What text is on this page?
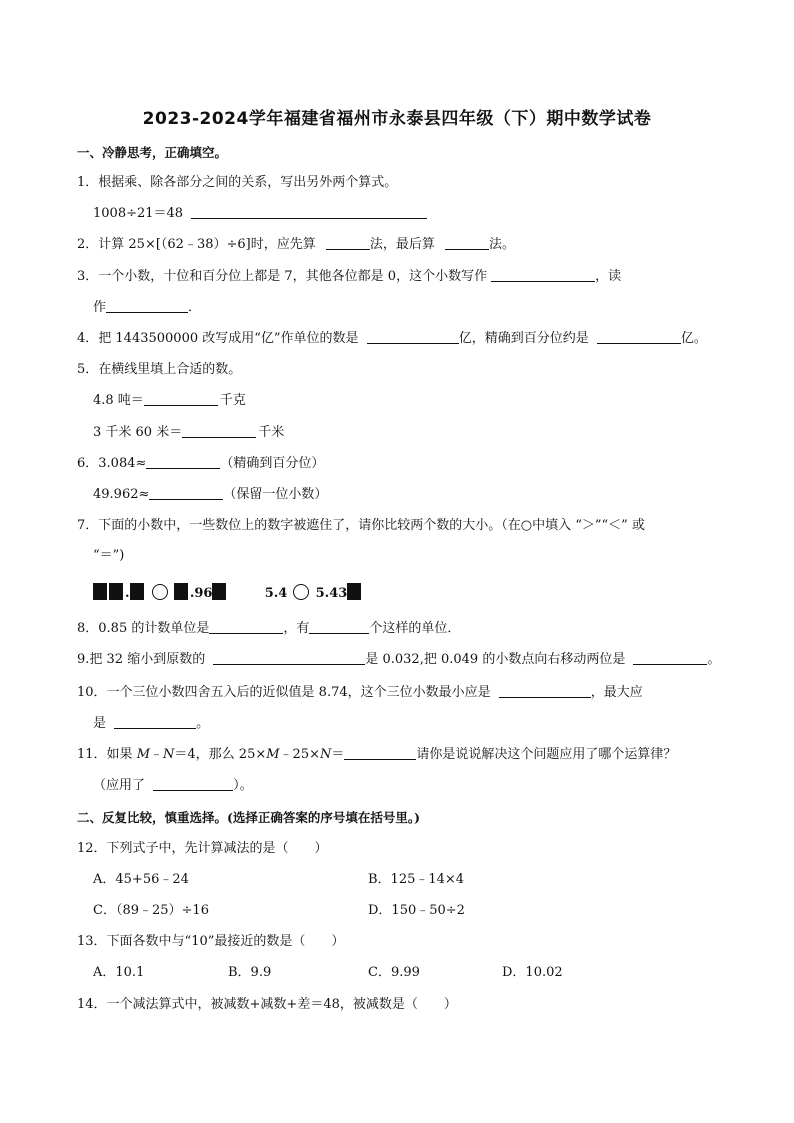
2023-2024学年福建省福州市永泰县四年级（下）期中数学试卷
一、冷静思考，正确填空。
1．根据乘、除各部分之间的关系，写出另外两个算式。
1008÷21＝48
2．计算 25×[（62﹣38）÷6]时，应先算	法，最后算	法。
3．一个小数，十位和百分位上都是 7，其他各位都是 0，这个小数写作	，读
作	．
4．把 1443500000 改写成用“亿”作单位的数是	亿，精确到百分位约是	亿。
5．在横线里填上合适的数。
4.8 吨＝	千克
3 千米 60 米＝	千米
6．3.084≈	（精确到百分位）
49.962≈	（保留一位小数）
7．下面的小数中，一些数位上的数字被遮住了，请你比较两个数的大小。（在○中填入 “＞”“＜” 或
“＝”)
.	.96	5.4 5.43
8．0.85 的计数单位是	，有	个这样的单位．
9.把 32 缩小到原数的	是 0.032,把 0.049 的小数点向右移动两位是	。
10．一个三位小数四舍五入后的近似值是 8.74，这个三位小数最小应是	，最大应
是	。
11．如果 M﹣N＝4，那么 25×M﹣25×N＝	请你是说说解决这个问题应用了哪个运算律？
（应用了	）。
二、反复比较，慎重选择。(选择正确答案的序号填在括号里。)
12．下列式子中，先计算减法的是（　　）
A．45+56﹣24	B．125﹣14×4
C．（89﹣25）÷16	D．150﹣50÷2
13．下面各数中与“10”最接近的数是（　　）
A．10.1	B．9.9	C．9.99	D．10.02
14．一个减法算式中，被减数+减数+差＝48，被减数是（　　）
